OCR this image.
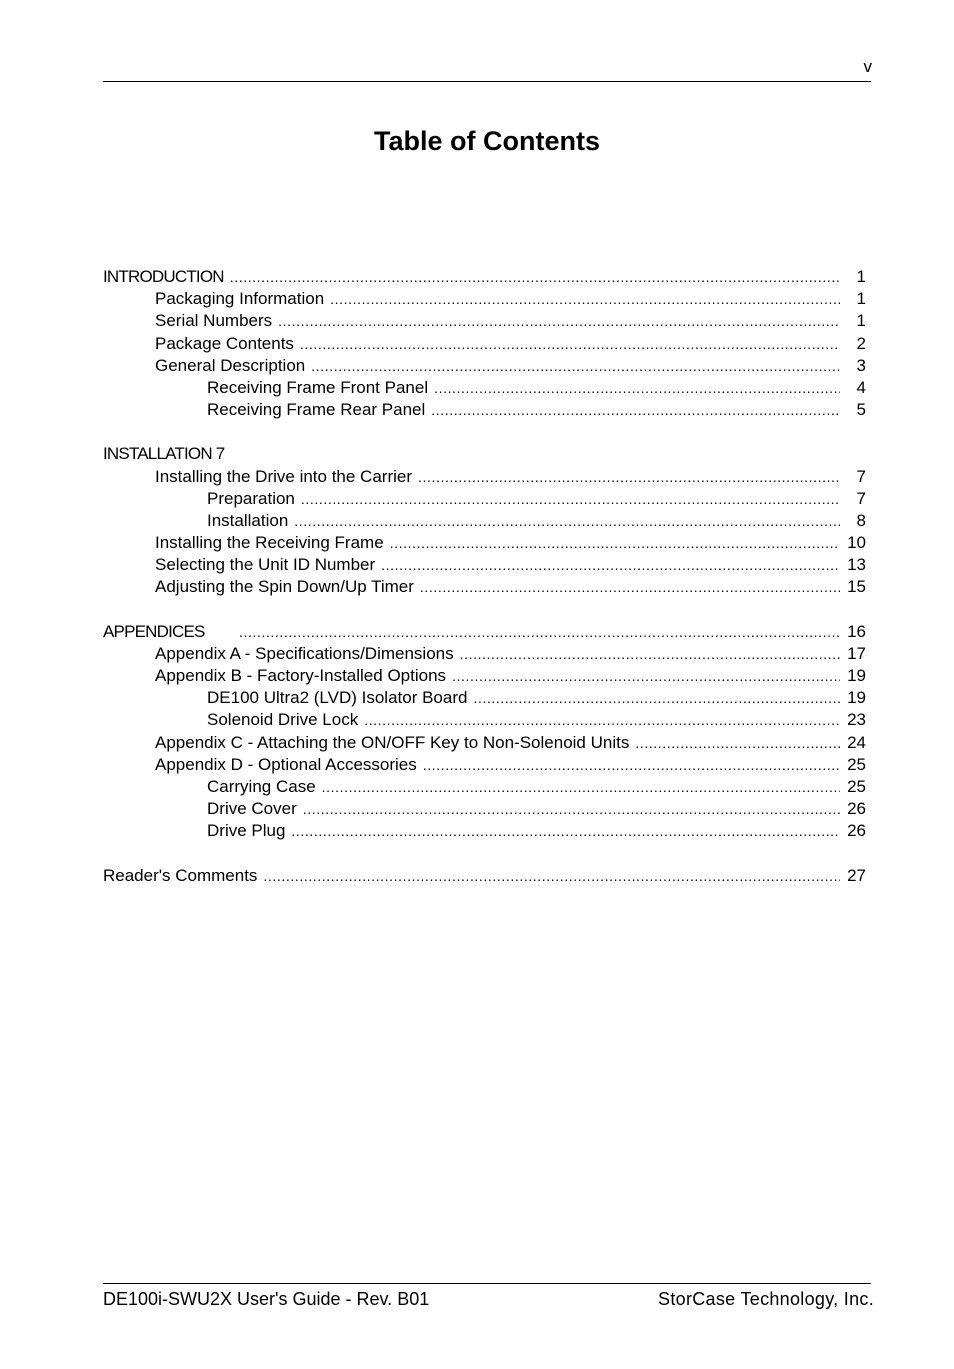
v
Table of Contents
INTRODUCTION .....	1
Packaging Information .....	1
Serial Numbers .....	1
Package Contents .....	2
General Description .....	3
Receiving Frame Front Panel .....	4
Receiving Frame Rear Panel .....	5
INSTALLATION 7
Installing the Drive into the Carrier .....	7
Preparation .....	7
Installation .....	8
Installing the Receiving Frame .....	10
Selecting the Unit ID Number .....	13
Adjusting the Spin Down/Up Timer .....	15
APPENDICES .....	16
Appendix A - Specifications/Dimensions .....	17
Appendix B - Factory-Installed Options .....	19
DE100 Ultra2 (LVD) Isolator Board .....	19
Solenoid Drive Lock .....	23
Appendix C - Attaching the ON/OFF Key to Non-Solenoid Units .....	24
Appendix D - Optional Accessories .....	25
Carrying Case .....	25
Drive Cover .....	26
Drive Plug .....	26
Reader's Comments .....	27
DE100i-SWU2X User's Guide - Rev. B01	StorCase Technology, Inc.
